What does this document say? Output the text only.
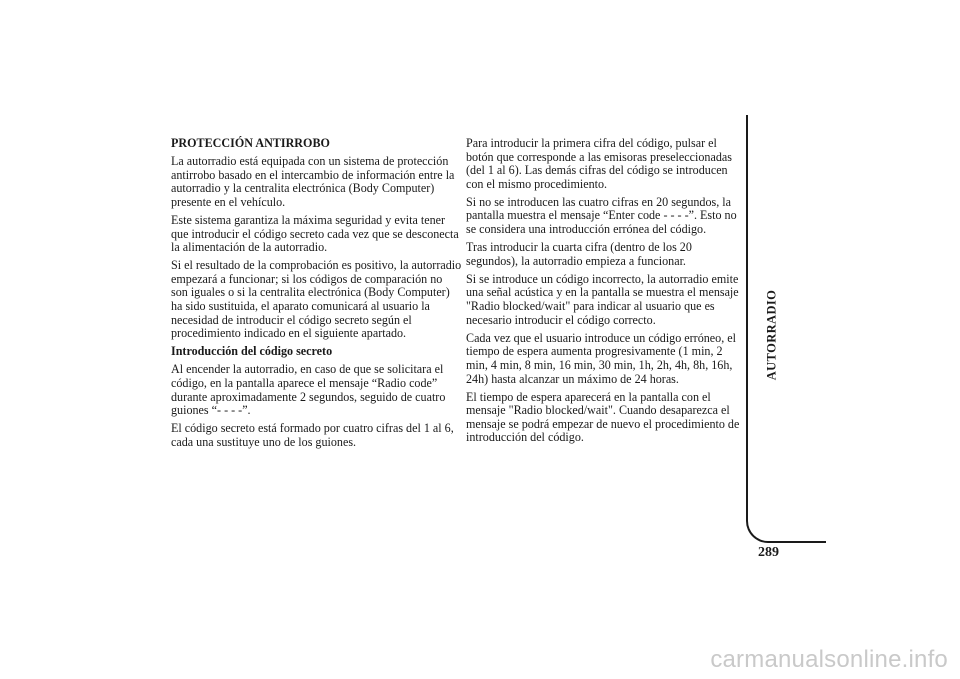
PROTECCIÓN ANTIRROBO

La autorradio está equipada con un sistema de protección antirrobo basado en el intercambio de información entre la autorradio y la centralita electrónica (Body Computer) presente en el vehículo.

Este sistema garantiza la máxima seguridad y evita tener que introducir el código secreto cada vez que se desconecta la alimentación de la autorradio.

Si el resultado de la comprobación es positivo, la autorradio empezará a funcionar; si los códigos de comparación no son iguales o si la centralita electrónica (Body Computer) ha sido sustituida, el aparato comunicará al usuario la necesidad de introducir el código secreto según el procedimiento indicado en el siguiente apartado.

Introducción del código secreto

Al encender la autorradio, en caso de que se solicitara el código, en la pantalla aparece el mensaje “Radio code” durante aproximadamente 2 segundos, seguido de cuatro guiones “- - - -”.

El código secreto está formado por cuatro cifras del 1 al 6, cada una sustituye uno de los guiones.

Para introducir la primera cifra del código, pulsar el botón que corresponde a las emisoras preseleccionadas (del 1 al 6). Las demás cifras del código se introducen con el mismo procedimiento.

Si no se introducen las cuatro cifras en 20 segundos, la pantalla muestra el mensaje “Enter code - - - -”. Esto no se considera una introducción errónea del código.

Tras introducir la cuarta cifra (dentro de los 20 segundos), la autorradio empieza a funcionar.

Si se introduce un código incorrecto, la autorradio emite una señal acústica y en la pantalla se muestra el mensaje "Radio blocked/wait" para indicar al usuario que es necesario introducir el código correcto.

Cada vez que el usuario introduce un código erróneo, el tiempo de espera aumenta progresivamente (1 min, 2 min, 4 min, 8 min, 16 min, 30 min, 1h, 2h, 4h, 8h, 16h, 24h) hasta alcanzar un máximo de 24 horas.

El tiempo de espera aparecerá en la pantalla con el mensaje "Radio blocked/wait". Cuando desaparezca el mensaje se podrá empezar de nuevo el procedimiento de introducción del código.

AUTORRADIO
289
carmanualsonline.info
